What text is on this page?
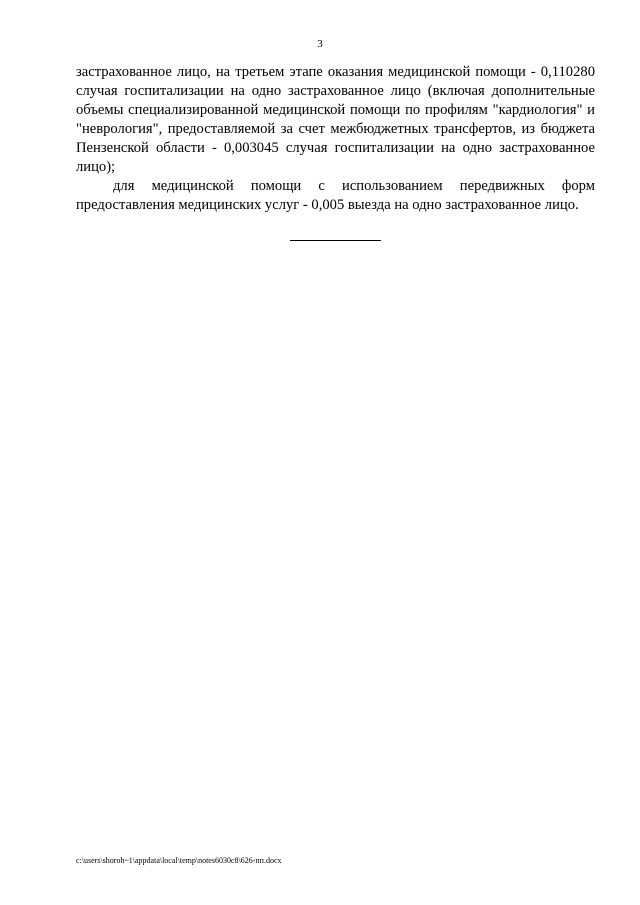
3

застрахованное лицо, на третьем этапе оказания медицинской помощи - 0,110280 случая госпитализации на одно застрахованное лицо (включая дополнительные объемы специализированной медицинской помощи по профилям "кардиология" и "неврология", предоставляемой за счет межбюджетных трансфертов, из бюджета Пензенской области - 0,003045 случая госпитализации на одно застрахованное лицо);

для медицинской помощи с использованием передвижных форм предоставления медицинских услуг - 0,005 выезда на одно застрахованное лицо.

c:\users\shoroh~1\appdata\local\temp\notes6030c8\626-пп.docx
